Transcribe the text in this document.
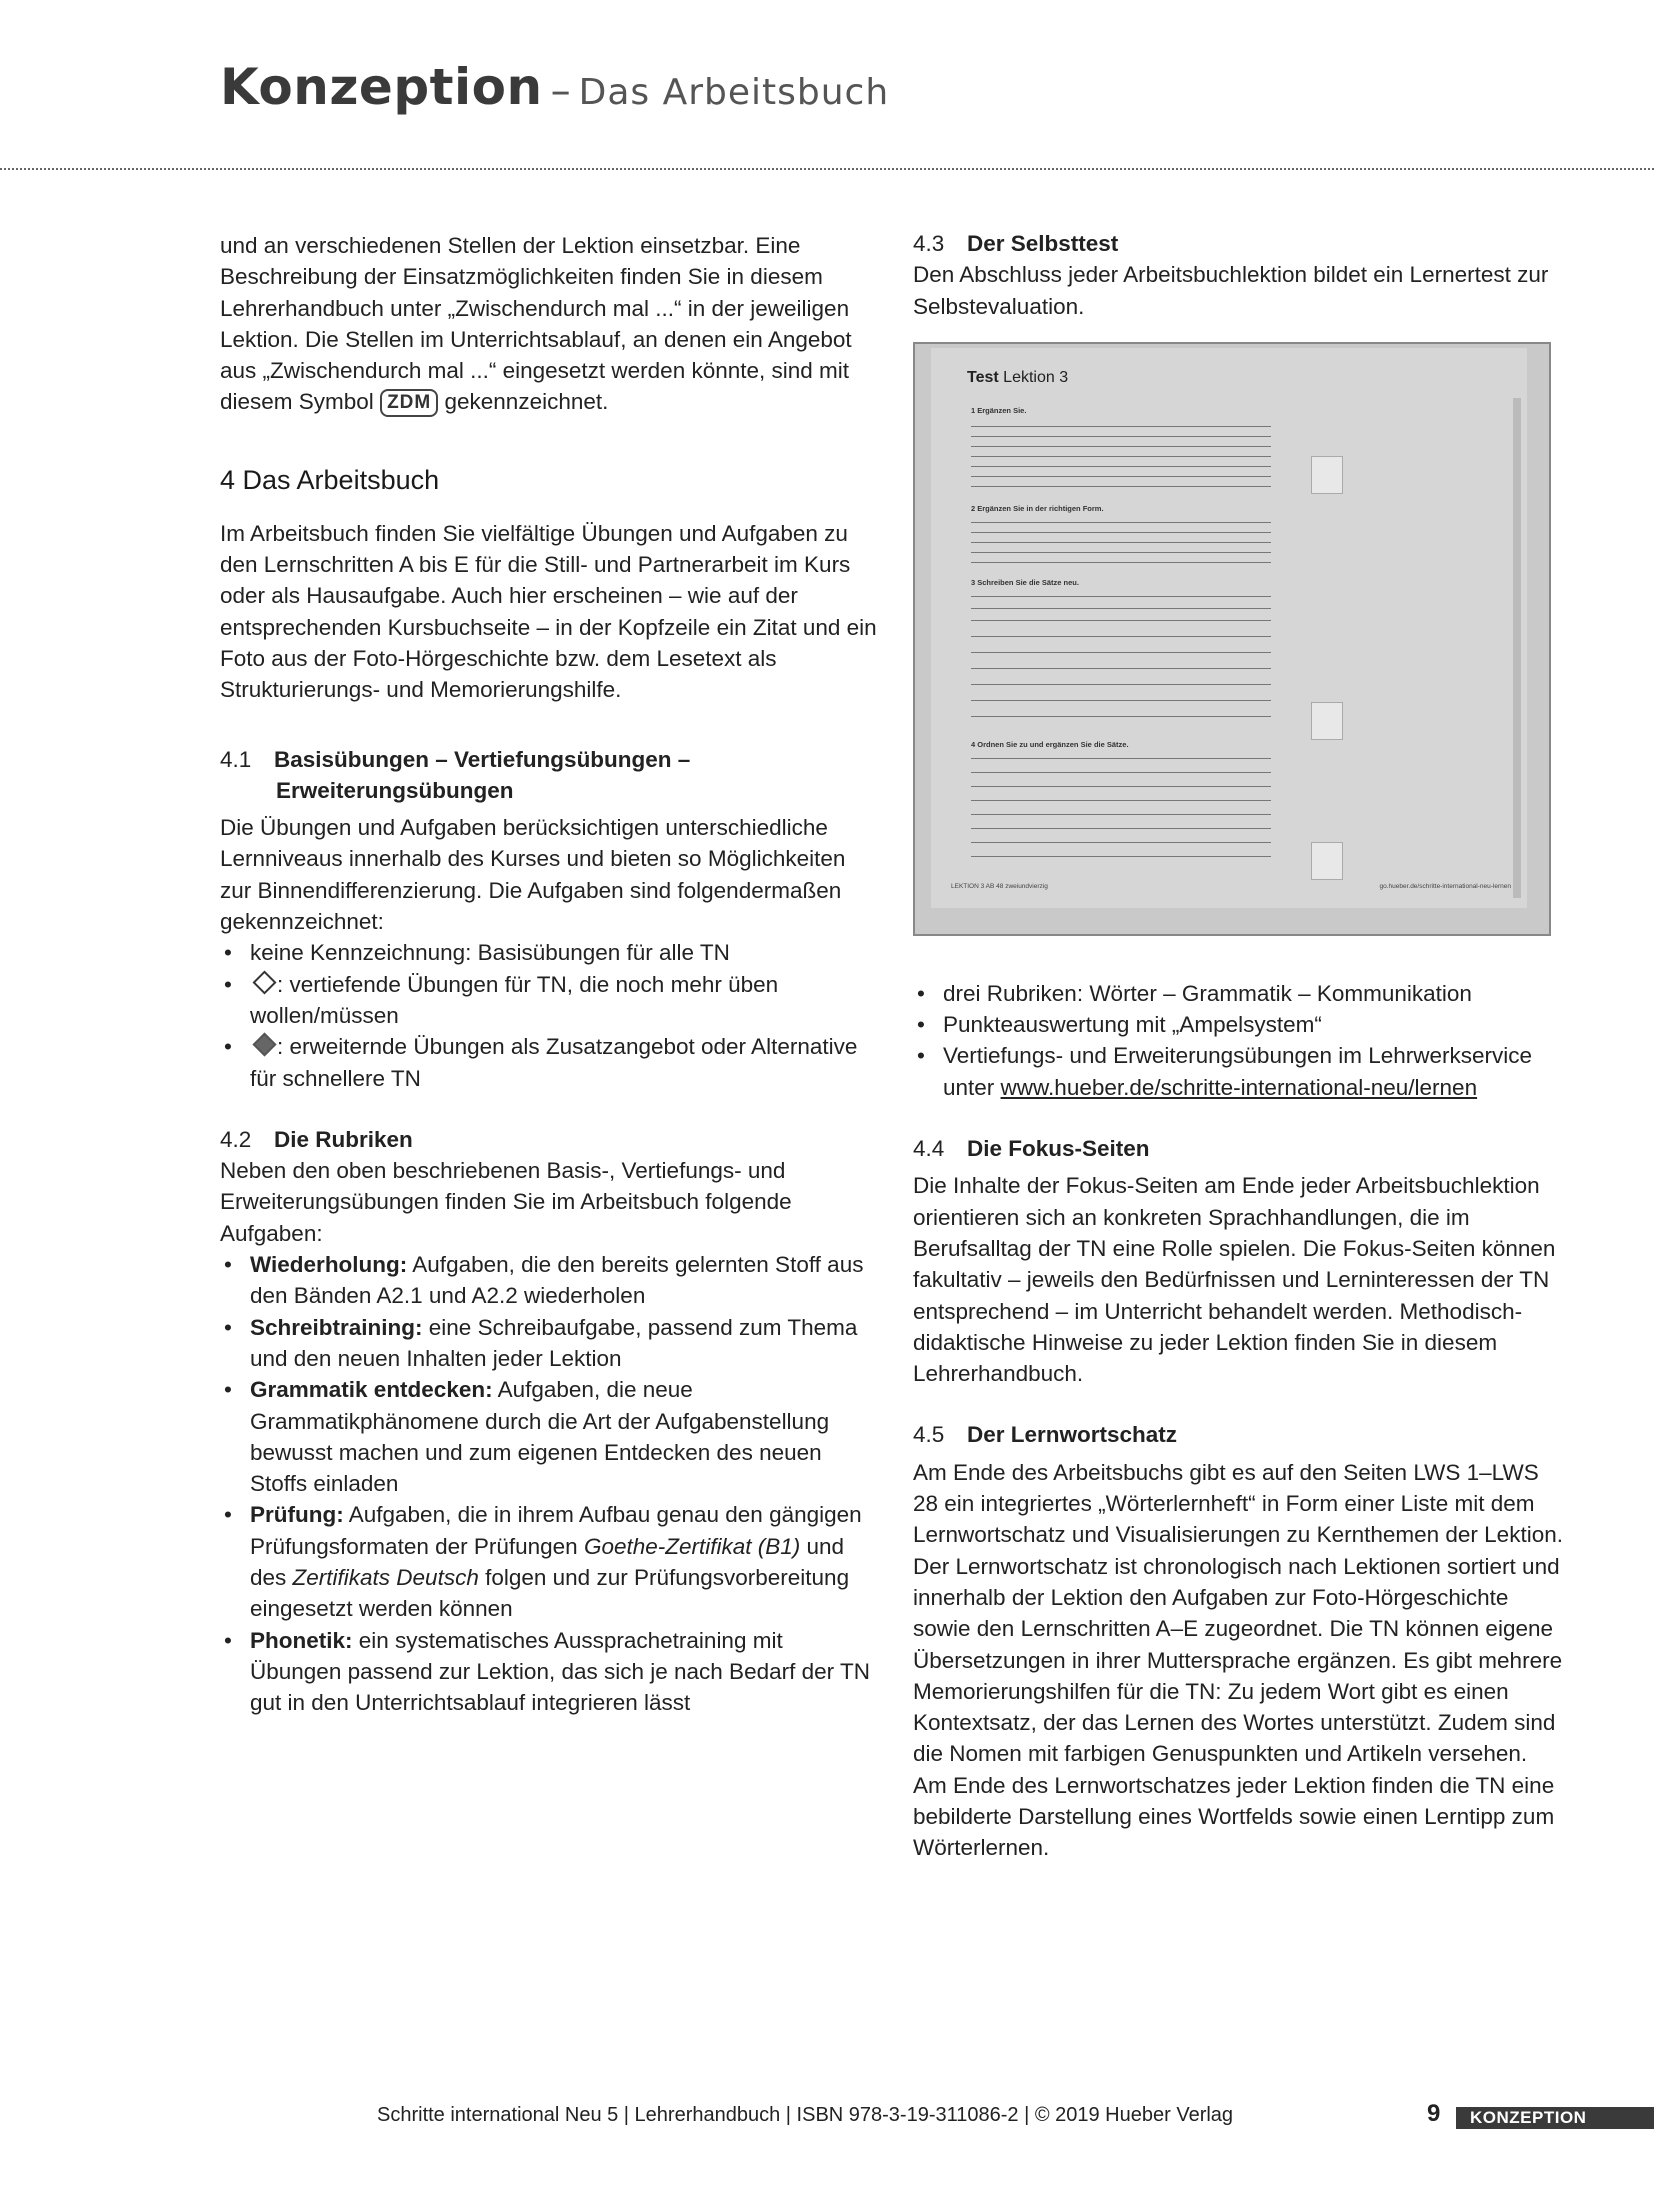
Konzeption – Das Arbeitsbuch

und an verschiedenen Stellen der Lektion einsetzbar. Eine Beschreibung der Einsatzmöglichkeiten finden Sie in diesem Lehrerhandbuch unter „Zwischendurch mal ...“ in der jeweiligen Lektion. Die Stellen im Unterrichtsablauf, an denen ein Angebot aus „Zwischendurch mal ...“ eingesetzt werden könnte, sind mit diesem Symbol ZDM gekennzeichnet.

4 Das Arbeitsbuch

Im Arbeitsbuch finden Sie vielfältige Übungen und Aufgaben zu den Lernschritten A bis E für die Still- und Partnerarbeit im Kurs oder als Hausaufgabe. Auch hier erscheinen – wie auf der entsprechenden Kursbuchseite – in der Kopfzeile ein Zitat und ein Foto aus der Foto-Hörgeschichte bzw. dem Lesetext als Strukturierungs- und Memorierungshilfe.

4.1 Basisübungen – Vertiefungsübungen –
Erweiterungsübungen

Die Übungen und Aufgaben berücksichtigen unterschiedliche Lernniveaus innerhalb des Kurses und bieten so Möglichkeiten zur Binnendifferenzierung. Die Aufgaben sind folgendermaßen gekennzeichnet:

• keine Kennzeichnung: Basisübungen für alle TN
• : vertiefende Übungen für TN, die noch mehr üben wollen/müssen
• : erweiternde Übungen als Zusatzangebot oder Alternative für schnellere TN
4.2 Die Rubriken

Neben den oben beschriebenen Basis-, Vertiefungs- und Erweiterungsübungen finden Sie im Arbeitsbuch folgende Aufgaben:

• Wiederholung: Aufgaben, die den bereits gelernten Stoff aus den Bänden A2.1 und A2.2 wiederholen
• Schreibtraining: eine Schreibaufgabe, passend zum Thema und den neuen Inhalten jeder Lektion
• Grammatik entdecken: Aufgaben, die neue Grammatikphänomene durch die Art der Aufgabenstellung bewusst machen und zum eigenen Entdecken des neuen Stoffs einladen
• Prüfung: Aufgaben, die in ihrem Aufbau genau den gängigen Prüfungsformaten der Prüfungen Goethe-Zertifikat (B1) und des Zertifikats Deutsch folgen und zur Prüfungsvorbereitung eingesetzt werden können
• Phonetik: ein systematisches Aussprachetraining mit Übungen passend zur Lektion, das sich je nach Bedarf der TN gut in den Unterrichtsablauf integrieren lässt
4.3 Der Selbsttest

Den Abschluss jeder Arbeitsbuchlektion bildet ein Lernertest zur Selbstevaluation.

Test Lektion 3
1 Ergänzen Sie.
2 Ergänzen Sie in der richtigen Form.
3 Schreiben Sie die Sätze neu.
4 Ordnen Sie zu und ergänzen Sie die Sätze.
LEKTION 3 AB 48 zweiundvierzig	go.hueber.de/schritte-international-neu-lernen
• drei Rubriken: Wörter – Grammatik – Kommunikation
• Punkteauswertung mit „Ampelsystem“
• Vertiefungs- und Erweiterungsübungen im Lehrwerkservice unter www.hueber.de/schritte-international-neu/lernen
4.4 Die Fokus-Seiten

Die Inhalte der Fokus-Seiten am Ende jeder Arbeitsbuchlektion orientieren sich an konkreten Sprachhandlungen, die im Berufsalltag der TN eine Rolle spielen. Die Fokus-Seiten können fakultativ – jeweils den Bedürfnissen und Lerninteressen der TN entsprechend – im Unterricht behandelt werden. Methodisch-didaktische Hinweise zu jeder Lektion finden Sie in diesem Lehrerhandbuch.

4.5 Der Lernwortschatz

Am Ende des Arbeitsbuchs gibt es auf den Seiten LWS 1–LWS 28 ein integriertes „Wörterlernheft“ in Form einer Liste mit dem Lernwortschatz und Visualisierungen zu Kernthemen der Lektion. Der Lernwortschatz ist chronologisch nach Lektionen sortiert und innerhalb der Lektion den Aufgaben zur Foto-Hörgeschichte sowie den Lernschritten A–E zugeordnet. Die TN können eigene Übersetzungen in ihrer Muttersprache ergänzen. Es gibt mehrere Memorierungshilfen für die TN: Zu jedem Wort gibt es einen Kontextsatz, der das Lernen des Wortes unterstützt. Zudem sind die Nomen mit farbigen Genuspunkten und Artikeln versehen. Am Ende des Lernwortschatzes jeder Lektion finden die TN eine bebilderte Darstellung eines Wortfelds sowie einen Lerntipp zum Wörterlernen.

Schritte international Neu 5 | Lehrerhandbuch | ISBN 978-3-19-311086-2 | © 2019 Hueber Verlag	9	KONZEPTION
